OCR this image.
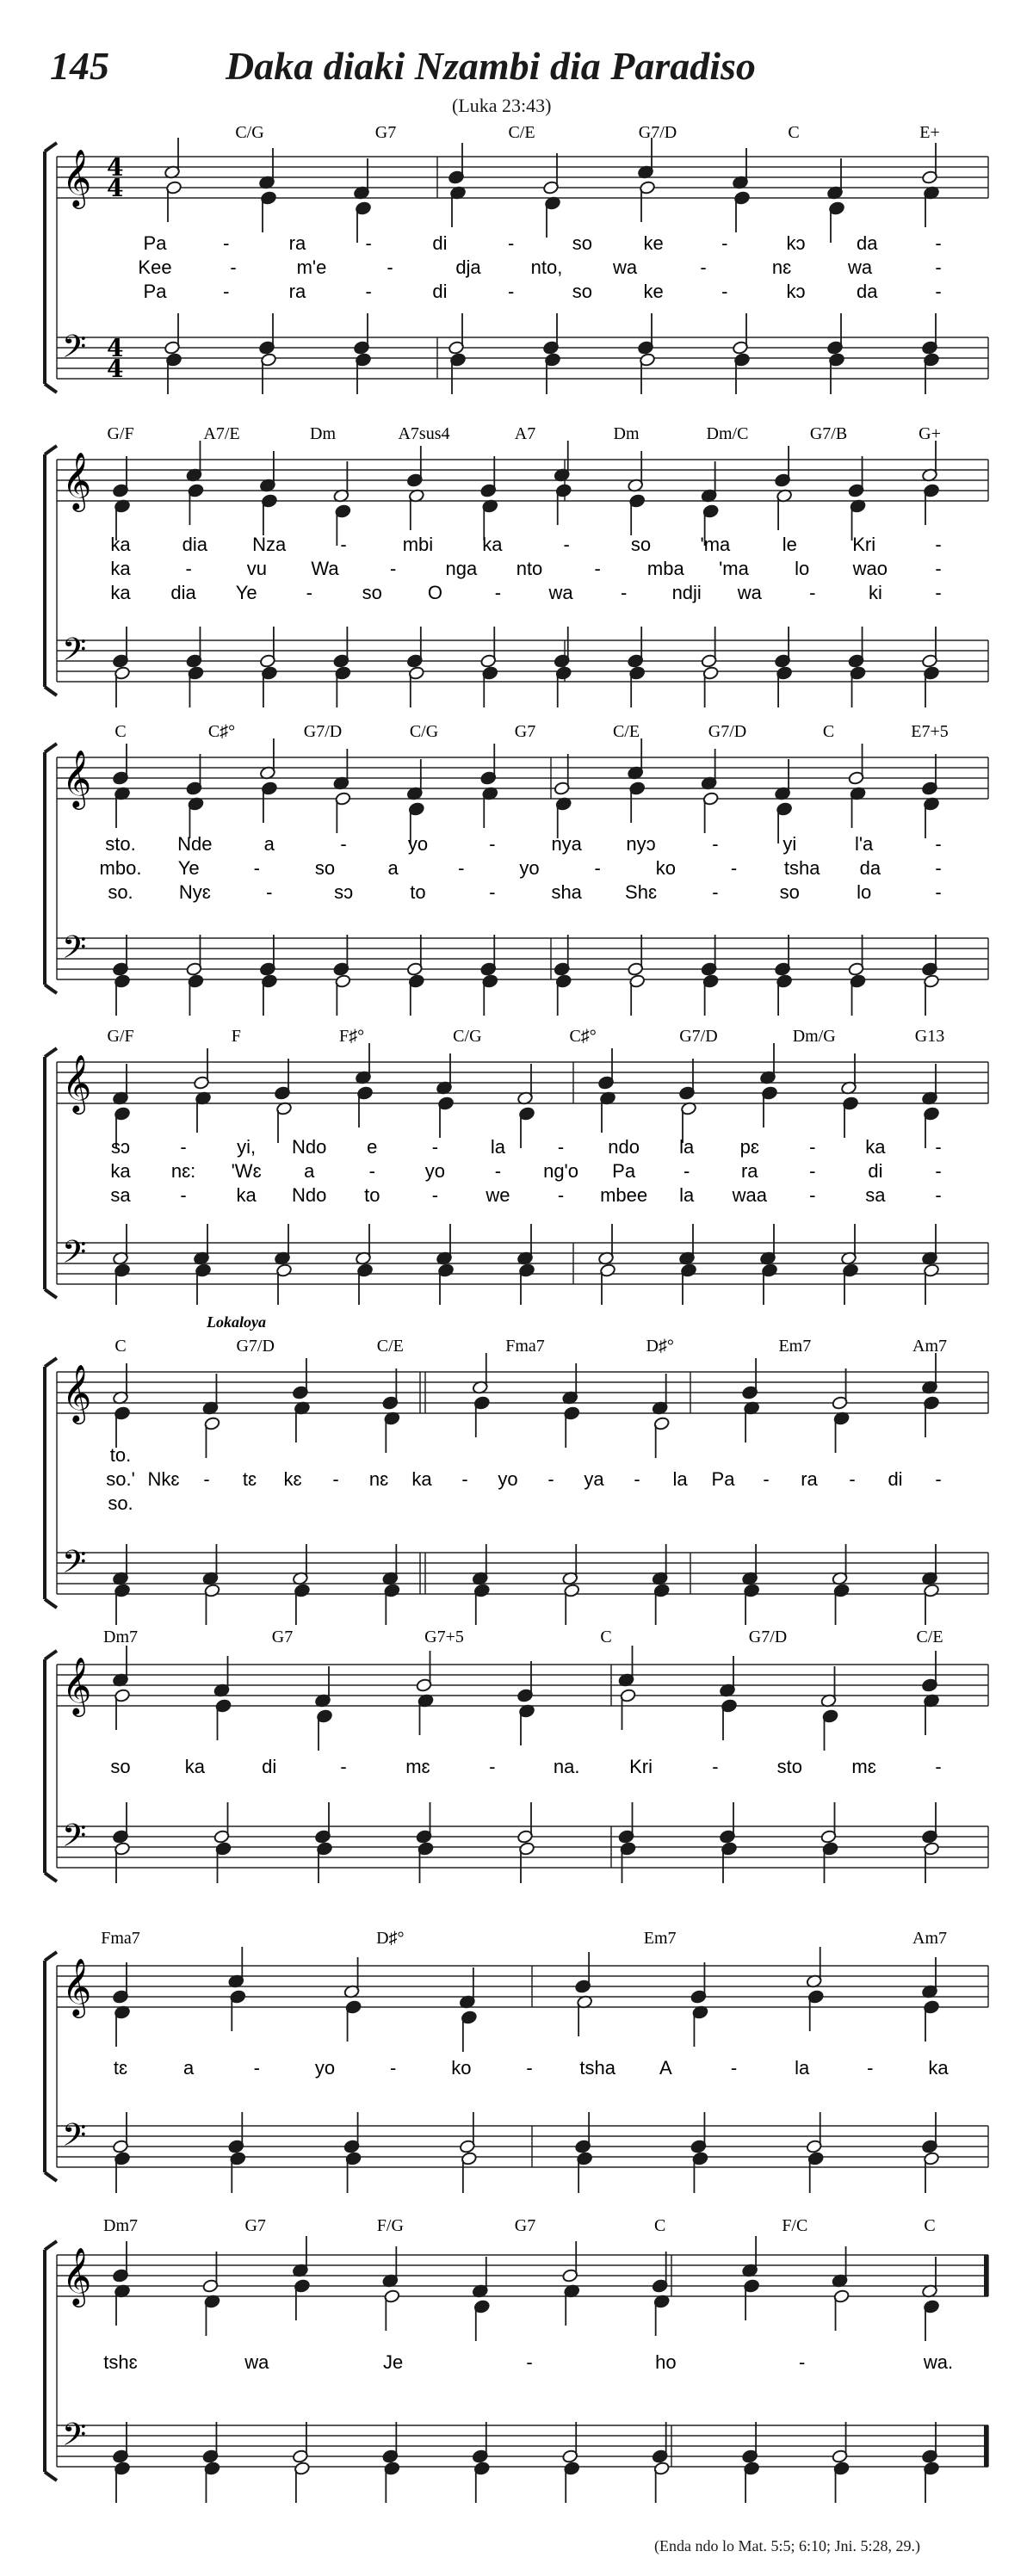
145	Daka diaki Nzambi dia Paradiso
(Luka 23:43)
𝄞
𝄢
4
4
4
4
C/G	G7	C/E	G7/D	C	E+
Pa	-	ra	-	di	-	so	ke	-	kɔ	da	-
Kee	-	m'e	-	dja	nto,	wa	-	nɛ	wa	-
Pa	-	ra	-	di	-	so	ke	-	kɔ	da	-
𝄞
𝄢
G/F	A7/E	Dm	A7sus4	A7	Dm	Dm/C	G7/B	G+
ka	dia Nza	-	mbi	ka	-	so	'ma	le	Kri	-
ka	-	vu Wa	-	nga nto	- mba 'ma lo wao	-
ka dia Ye	-	so O	-	wa	- ndji wa	-	ki	-
𝄞
𝄢
C	C♯°	G7/D	C/G	G7	C/E	G7/D	C	E7+5
sto. Nde	a	-	yo	-	nya nyɔ	-	yi	l'a	-
mbo. Ye	-	so	a	-	yo	-	ko	- tsha da	-
so. Nyɛ	-	sɔ	to	-	sha Shɛ	-	so	lo	-
𝄞
𝄢
G/F	F	F♯°	C/G	C♯°	G7/D	Dm/G	G13
sɔ	-	yi, Ndo e	-	la	- ndo la pɛ	-	ka	-
ka nɛ: 'Wɛ a	-	yo	- ng'o Pa	-	ra	-	di	-
sa	-	ka Ndo to	-	we	- mbee la waa -	sa	-
𝄞
𝄢
Lokaloya
C	G7/D	C/E	Fma7	D♯°	Em7	Am7
to.
so.' Nkɛ - tɛ kɛ - nɛ ka - yo - ya - la Pa - ra - di -
so.
𝄞
𝄢
Dm7	G7	G7+5	C	G7/D	C/E
so	ka	di	-	mɛ	-	na.	Kri	-	sto	mɛ	-
𝄞
𝄢
Fma7	D♯°	Em7	Am7
tɛ	a	-	yo	-	ko	- tsha A	-	la	-	ka
𝄞
𝄢
Dm7	G7	F/G	G7	C	F/C	C
tshɛ	wa	Je	-	ho	-	wa.
(Enda ndo lo Mat. 5:5; 6:10; Jni. 5:28, 29.)
